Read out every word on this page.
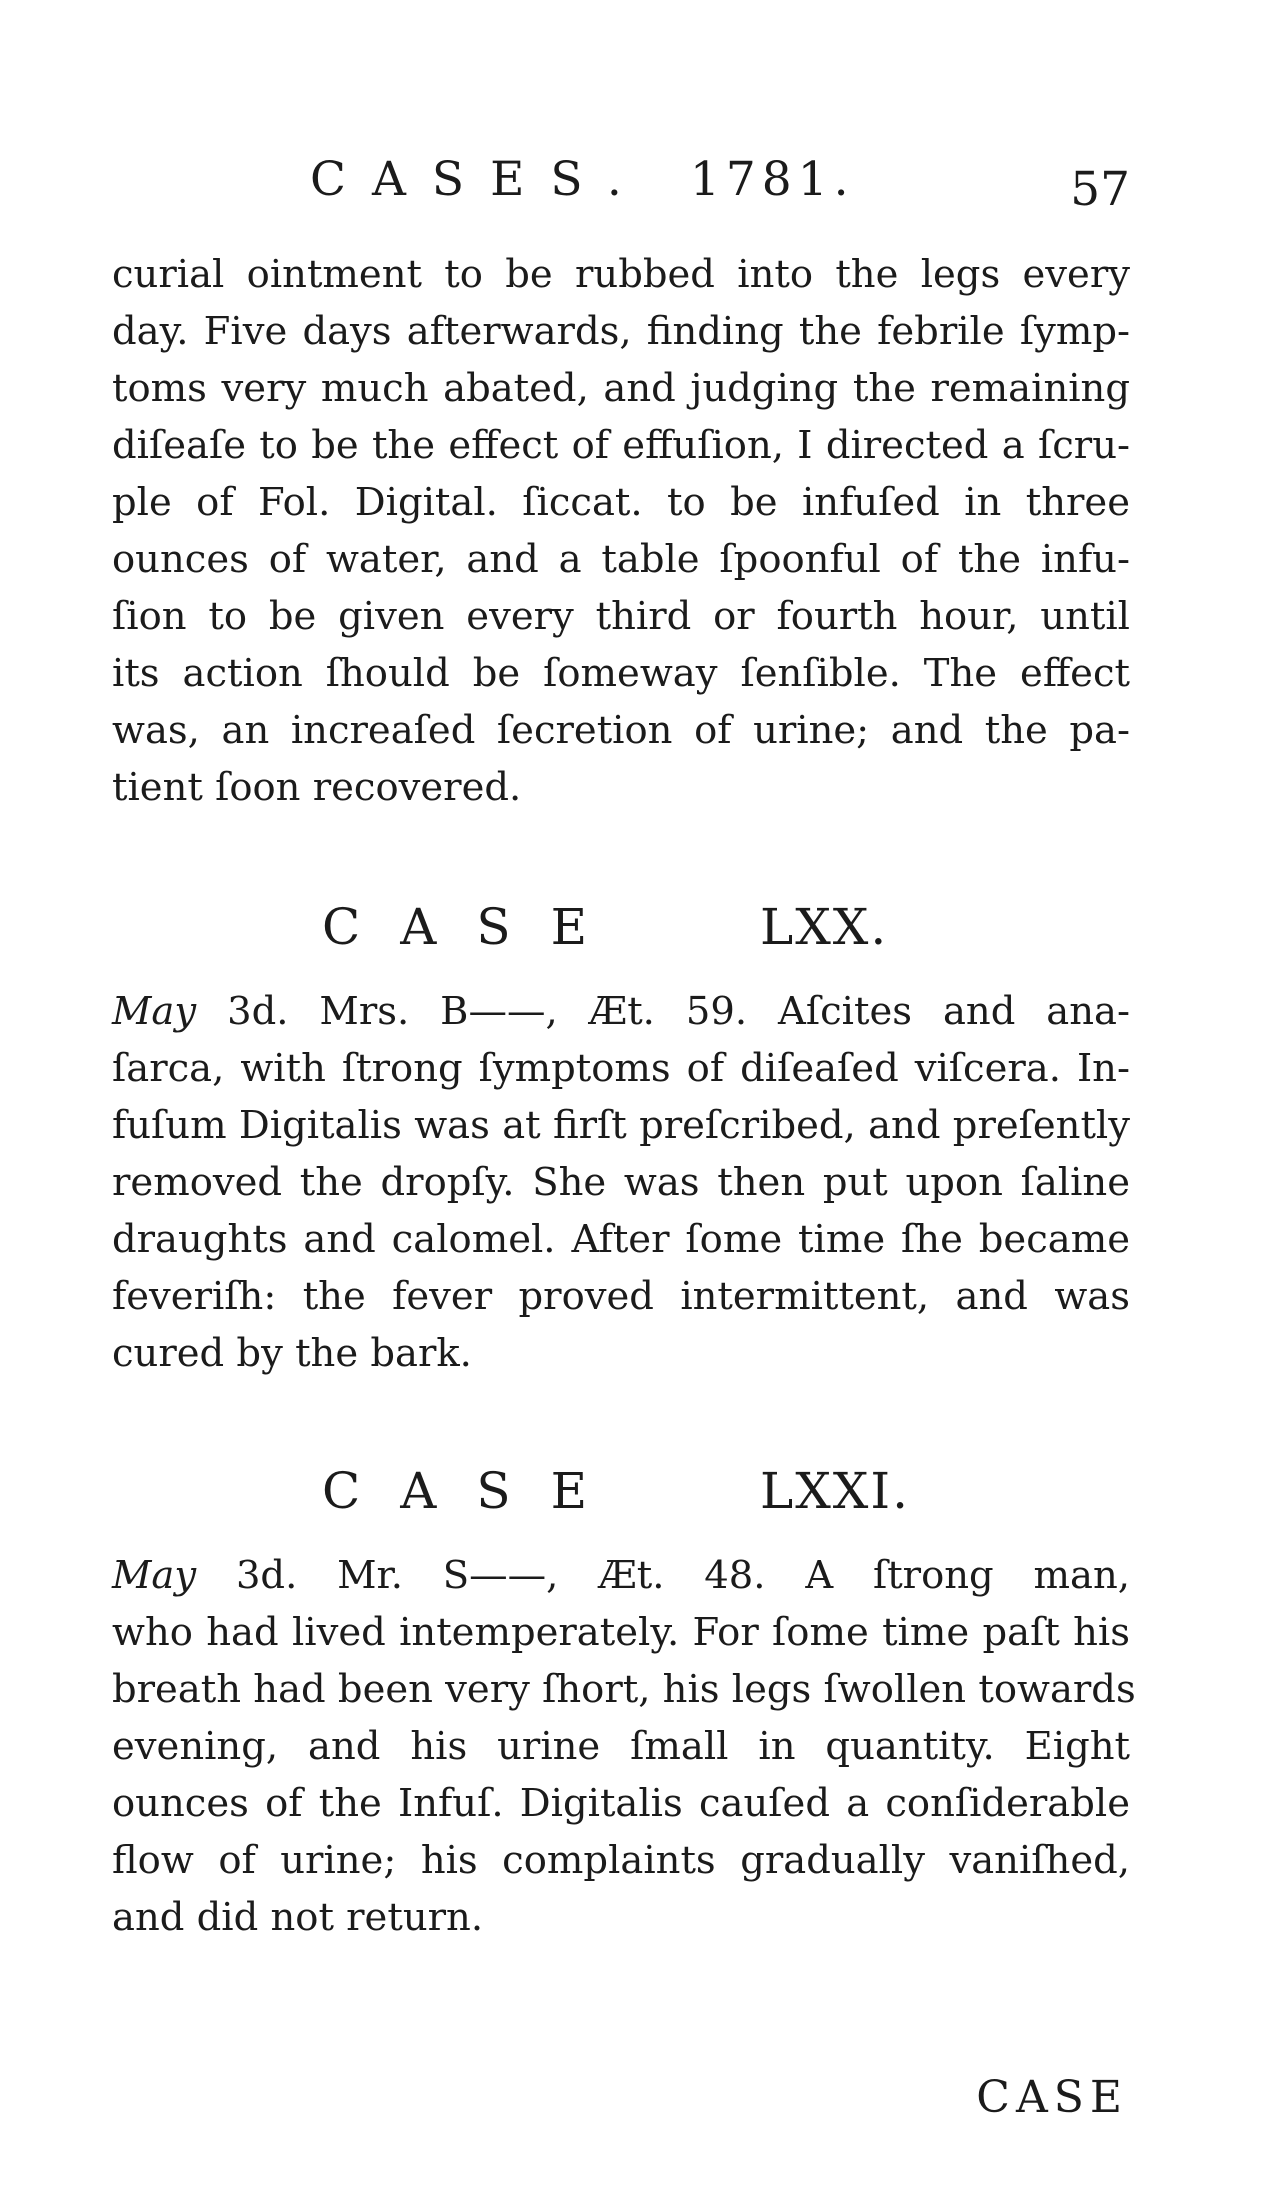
CASES. 1781.	57
curial ointment to be rubbed into the legs every
day. Five days afterwards, finding the febrile ſymp-
toms very much abated, and judging the remaining
diſeaſe to be the effect of effuſion, I directed a ſcru-
ple of Fol. Digital. ſiccat. to be infuſed in three
ounces of water, and a table ſpoonful of the infu-
ſion to be given every third or fourth hour, until
its action ſhould be ſomeway ſenſible. The effect
was, an increaſed ſecretion of urine; and the pa-
tient ſoon recovered.
CASE	LXX.
May 3d. Mrs. B——, Æt. 59. Aſcites and ana-
ſarca, with ſtrong ſymptoms of diſeaſed viſcera. In-
fuſum Digitalis was at firſt preſcribed, and preſently
removed the dropſy. She was then put upon ſaline
draughts and calomel. After ſome time ſhe became
feveriſh: the fever proved intermittent, and was
cured by the bark.
CASE	LXXI.
May 3d. Mr. S——, Æt. 48. A ſtrong man,
who had lived intemperately. For ſome time paſt his
breath had been very ſhort, his legs ſwollen towards
evening, and his urine ſmall in quantity. Eight
ounces of the Infuſ. Digitalis cauſed a conſiderable
flow of urine; his complaints gradually vaniſhed,
and did not return.
CASE
